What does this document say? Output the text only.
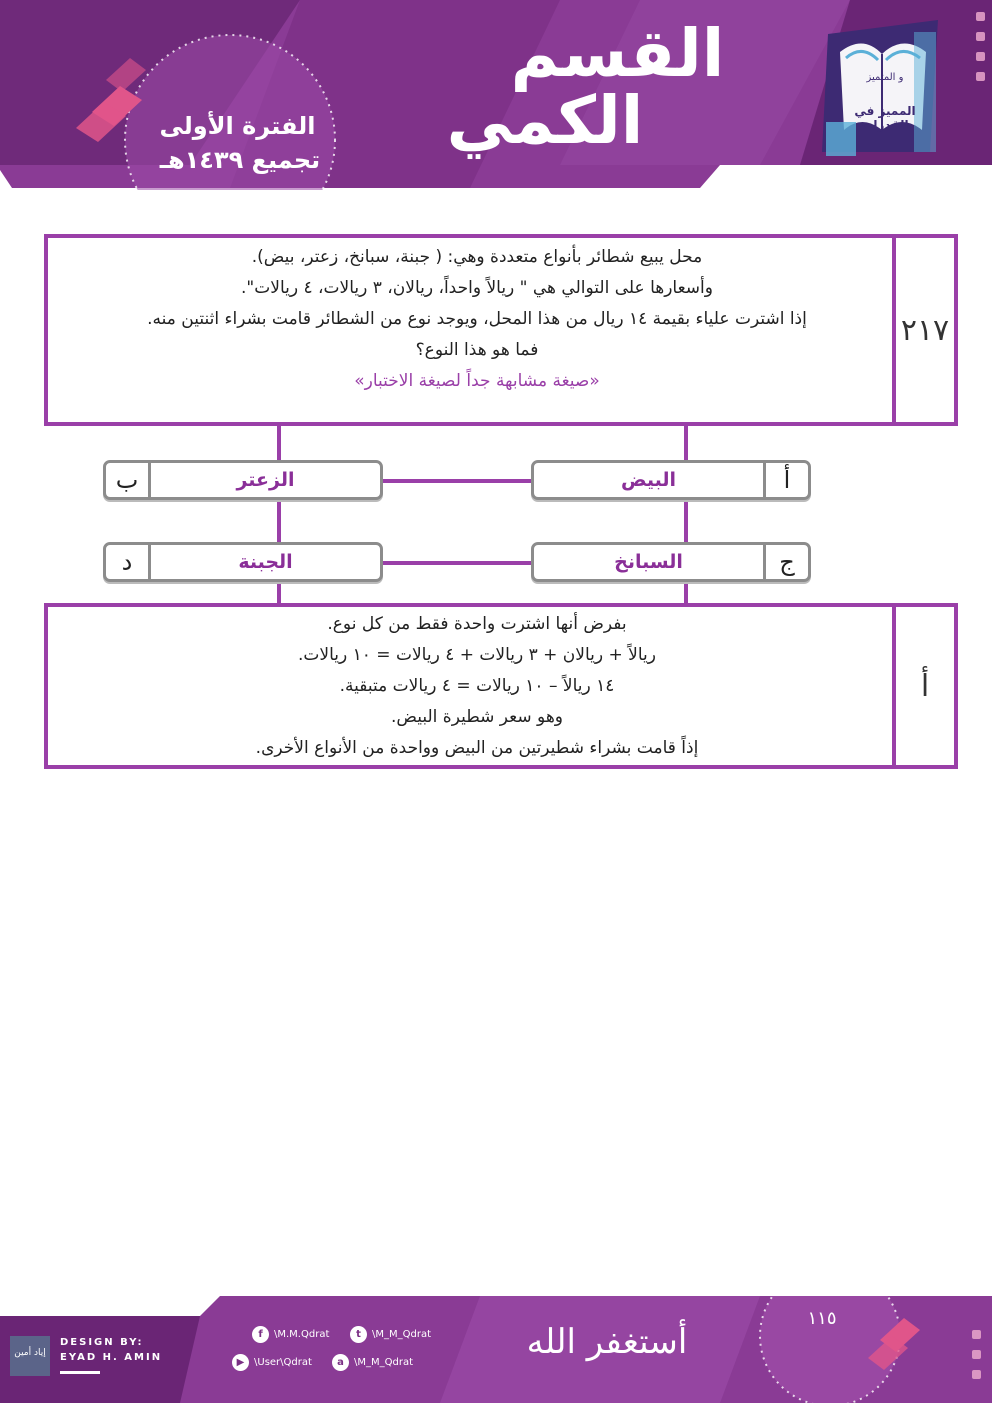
القسم
الكمي
الفترة الأولى
تجميع ١٤٣٩هـ
المميز في القدرات
و المتميز
٢١٧
محل يبيع شطائر بأنواع متعددة وهي: ( جبنة، سبانخ، زعتر، بيض).
وأسعارها على التوالي هي " ريالاً واحداً، ريالان، ٣ ريالات، ٤ ريالات".
إذا اشترت علياء بقيمة ١٤ ريال من هذا المحل، ويوجد نوع من الشطائر قامت بشراء اثنتين منه.
فما هو هذا النوع؟
«صيغة مشابهة جداً لصيغة الاختبار»
أ
البيض
ب	الزعتر
ج
السبانخ
د	الجبنة
أ
بفرض أنها اشترت واحدة فقط من كل نوع.
ريالاً + ريالان + ٣ ريالات + ٤ ريالات = ١٠ ريالات.
١٤ ريالاً – ١٠ ريالات = ٤ ريالات متبقية.
وهو سعر شطيرة البيض.
إذاً قامت بشراء شطيرتين من البيض وواحدة من الأنواع الأخرى.
إياد أمين
DESIGN BY:
EYAD H. AMIN
f	\M.M.Qdrat	t	\M_M_Qdrat
▶ \User\Qdrat	a	\M_M_Qdrat
أستغفر الله
١١٥
